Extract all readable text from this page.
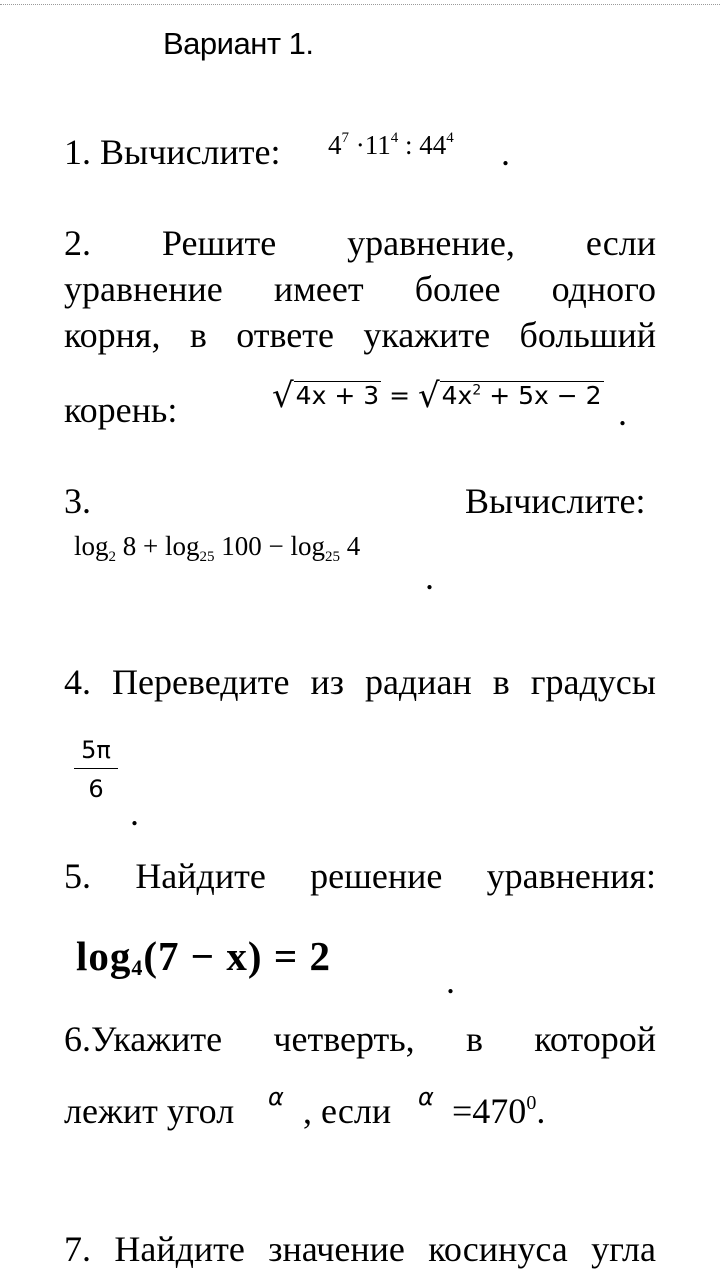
Вариант 1.
1. Вычислите: $4^7 \cdot 11^4$ : $44^4$ .
2. Решите уравнение, если
уравнение имеет более одного
корня, в ответе укажите больший
корень:	$√4x + 3 = √4x^2 + 5x - 2$ .
3.	Вычислите:
$\log_2 8 + \log_{25} 100 - \log_{25} 4$
.
4. Переведите из радиан в градусы
$\frac{5\pi}{6}$
.
5. Найдите решение уравнения:
$\log_4(7 - x) = 2$
.
6.Укажите четверть, в которой
лежит угол α , если $\alpha =470^0$.
7. Найдите значение косинуса угла
